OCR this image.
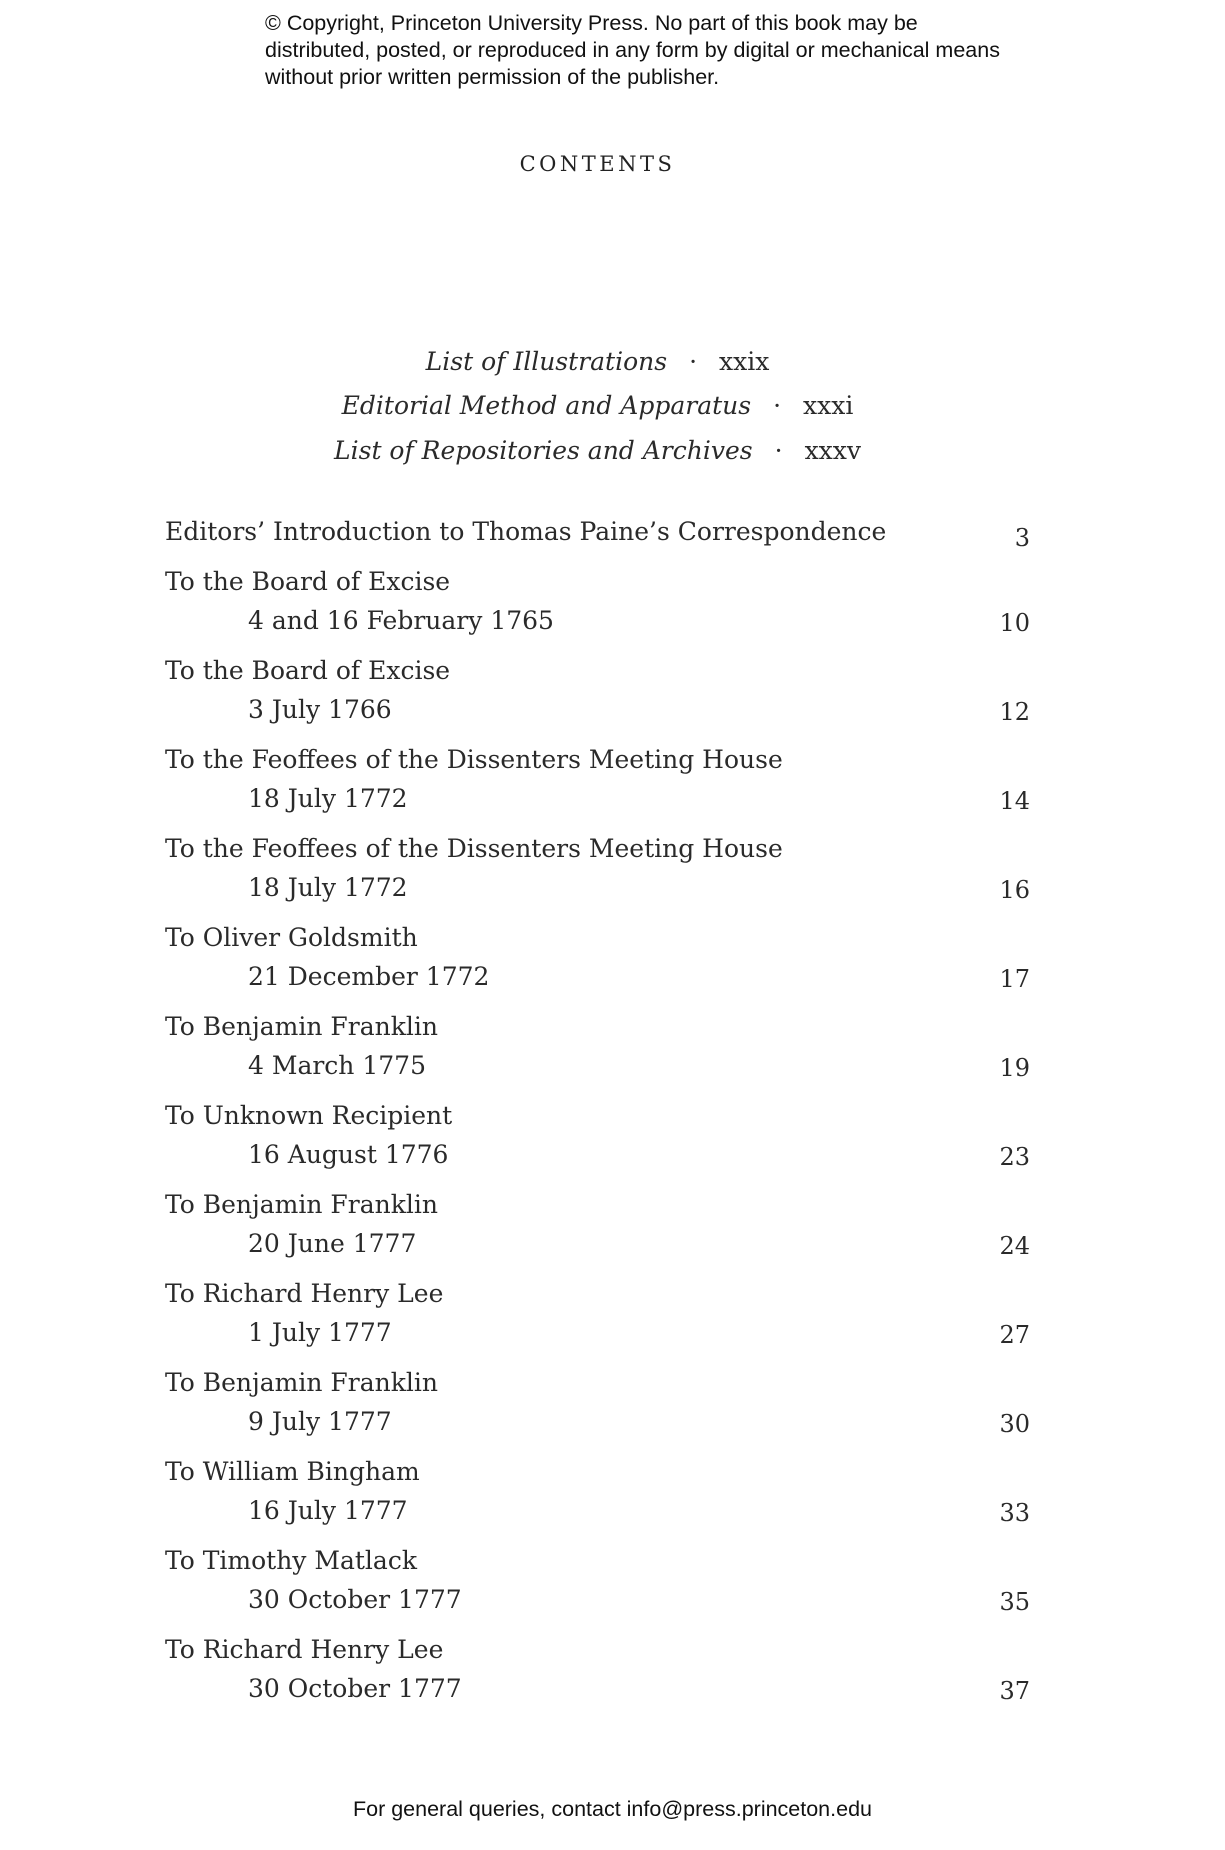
© Copyright, Princeton University Press. No part of this book may be distributed, posted, or reproduced in any form by digital or mechanical means without prior written permission of the publisher.
CONTENTS
List of Illustrations · xxix
Editorial Method and Apparatus · xxxi
List of Repositories and Archives · xxxv
Editors’ Introduction to Thomas Paine’s Correspondence	3
To the Board of Excise
4 and 16 February 1765	10
To the Board of Excise
3 July 1766	12
To the Feoffees of the Dissenters Meeting House
18 July 1772	14
To the Feoffees of the Dissenters Meeting House
18 July 1772	16
To Oliver Goldsmith
21 December 1772	17
To Benjamin Franklin
4 March 1775	19
To Unknown Recipient
16 August 1776	23
To Benjamin Franklin
20 June 1777	24
To Richard Henry Lee
1 July 1777	27
To Benjamin Franklin
9 July 1777	30
To William Bingham
16 July 1777	33
To Timothy Matlack
30 October 1777	35
To Richard Henry Lee
30 October 1777	37
For general queries, contact info@press.princeton.edu
